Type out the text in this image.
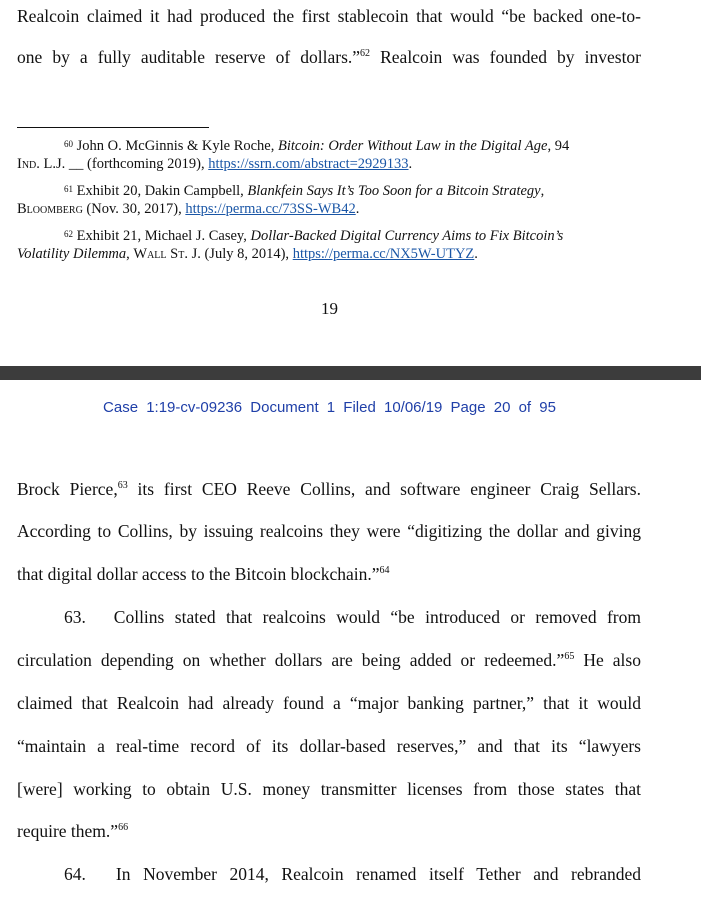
Realcoin claimed it had produced the first stablecoin that would “be backed one-to-
one by a fully auditable reserve of dollars.”$^{62}$ Realcoin was founded by investor
$^{60}$ John O. McGinnis & Kyle Roche, Bitcoin: Order Without Law in the Digital Age, 94
Ind. L.J. __ (forthcoming 2019), https://ssrn.com/abstract=2929133.
$^{61}$ Exhibit 20, Dakin Campbell, Blankfein Says It’s Too Soon for a Bitcoin Strategy,
Bloomberg (Nov. 30, 2017), https://perma.cc/73SS-WB42.
$^{62}$ Exhibit 21, Michael J. Casey, Dollar-Backed Digital Currency Aims to Fix Bitcoin’s
Volatility Dilemma, Wall St. J. (July 8, 2014), https://perma.cc/NX5W-UTYZ.
19
Case 1:19-cv-09236 Document 1 Filed 10/06/19 Page 20 of 95
Brock Pierce,$^{63}$ its first CEO Reeve Collins, and software engineer Craig Sellars.
According to Collins, by issuing realcoins they were “digitizing the dollar and giving
that digital dollar access to the Bitcoin blockchain.”$^{64}$
63.  Collins stated that realcoins would “be introduced or removed from
circulation depending on whether dollars are being added or redeemed.”$^{65}$ He also
claimed that Realcoin had already found a “major banking partner,” that it would
“maintain a real-time record of its dollar-based reserves,” and that its “lawyers
[were] working to obtain U.S. money transmitter licenses from those states that
require them.”$^{66}$
64.  In November 2014, Realcoin renamed itself Tether and rebranded
